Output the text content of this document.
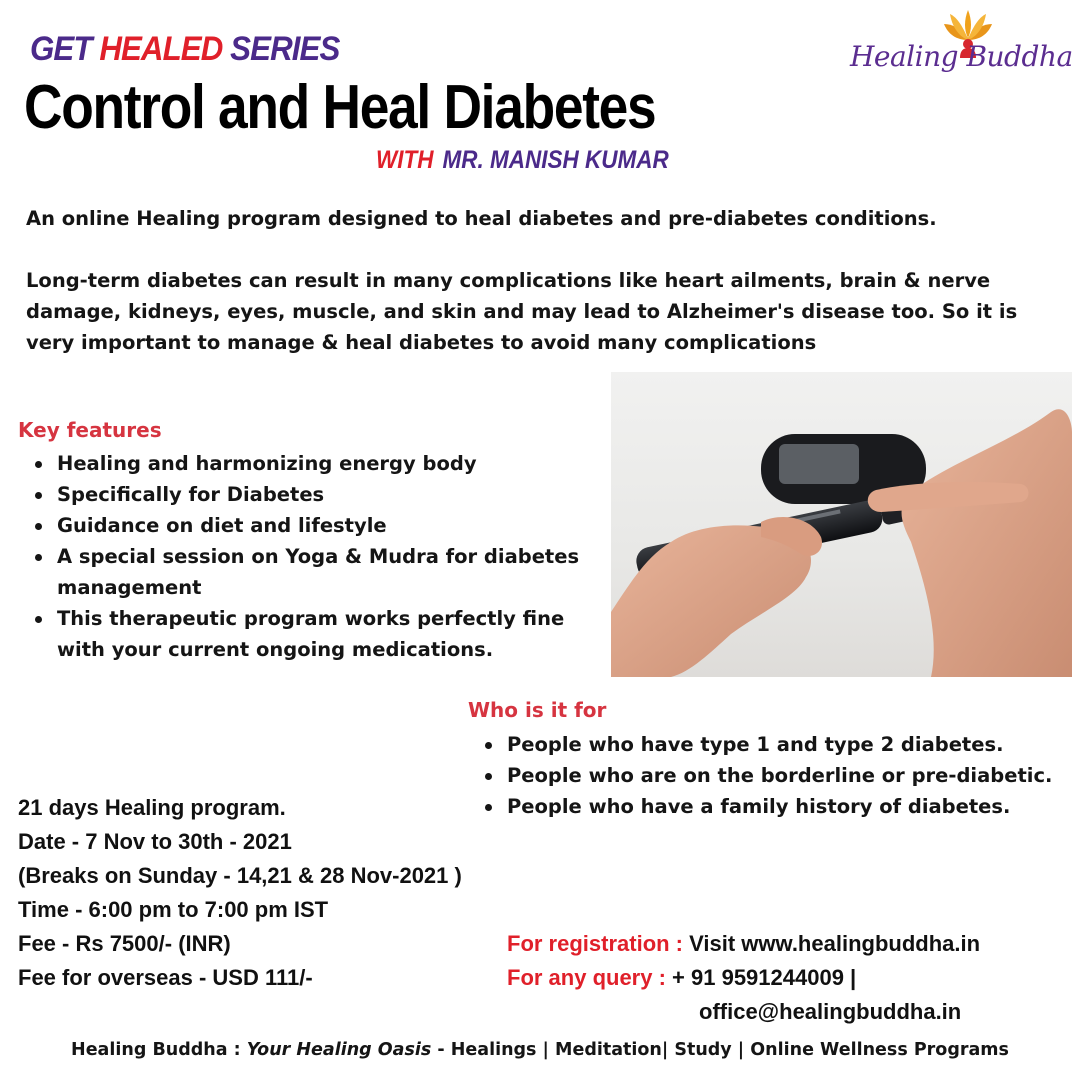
GET HEALED SERIES
Control and Heal Diabetes
WITH MR. MANISH KUMAR
Healing Buddha
An online Healing program designed to heal diabetes and pre-diabetes conditions.
Long-term diabetes can result in many complications like heart ailments, brain & nerve damage, kidneys, eyes, muscle, and skin and may lead to Alzheimer's disease too. So it is very important to manage & heal diabetes to avoid many complications
Key features
Healing and harmonizing energy body
Specifically for Diabetes
Guidance on diet and lifestyle
A special session on Yoga & Mudra for diabetes management
This therapeutic program works perfectly fine with your current ongoing medications.
Who is it for
People who have type 1 and type 2 diabetes.
People who are on the borderline or pre-diabetic.
People who have a family history of diabetes.
21 days Healing program.
Date - 7 Nov to 30th - 2021
(Breaks on Sunday - 14,21 & 28 Nov-2021 )
Time - 6:00 pm to 7:00 pm IST
Fee - Rs 7500/- (INR)
Fee for overseas - USD 111/-
For registration : Visit www.healingbuddha.in
For any query : + 91 9591244009 |
office@healingbuddha.in
Healing Buddha : Your Healing Oasis - Healings | Meditation| Study | Online Wellness Programs
